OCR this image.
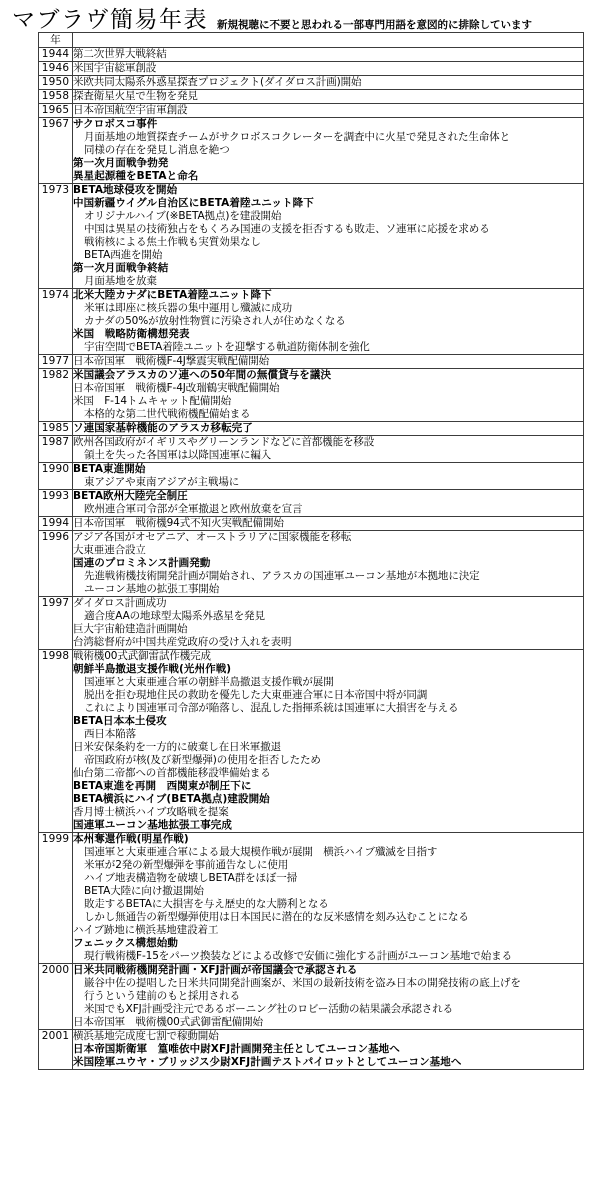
マブラヴ簡易年表 新規視聴に不要と思われる一部専門用語を意図的に排除しています
年	
1944	第二次世界大戦終結

1946	米国宇宙総軍創設

1950	米欧共同太陽系外惑星探査プロジェクト(ダイダロス計画)開始

1958	探査衛星火星で生物を発見

1965	日本帝国航空宇宙軍創設

1967	サクロボスコ事件
月面基地の地質探査チームがサクロボスコクレーターを調査中に火星で発見された生命体と
同様の存在を発見し消息を絶つ
第一次月面戦争勃発
異星起源種をBETAと命名

1973	BETA地球侵攻を開始
中国新疆ウイグル自治区にBETA着陸ユニット降下
オリジナルハイブ(※BETA拠点)を建設開始
中国は異星の技術独占をもくろみ国連の支援を拒否するも敗走、ソ連軍に応援を求める
戦術核による焦土作戦も実質効果なし
BETA西進を開始
第一次月面戦争終結
月面基地を放棄

1974	北米大陸カナダにBETA着陸ユニット降下
米軍は即座に核兵器の集中運用し殲滅に成功
カナダの50%が放射性物質に汚染され人が住めなくなる
米国　戦略防衛構想発表
宇宙空間でBETA着陸ユニットを迎撃する軌道防衛体制を強化

1977	日本帝国軍　戦術機F-4J撃震実戦配備開始

1982	米国議会アラスカのソ連への50年間の無償貸与を議決
日本帝国軍　戦術機F-4J改瑞鶴実戦配備開始
米国　F-14トムキャット配備開始
本格的な第二世代戦術機配備始まる

1985	ソ連国家基幹機能のアラスカ移転完了

1987	欧州各国政府がイギリスやグリーンランドなどに首都機能を移設
領土を失った各国軍は以降国連軍に編入

1990	BETA東進開始
東アジアや東南アジアが主戦場に

1993	BETA欧州大陸完全制圧
欧州連合軍司令部が全軍撤退と欧州放棄を宣言

1994	日本帝国軍　戦術機94式不知火実戦配備開始

1996	アジア各国がオセアニア、オーストラリアに国家機能を移転
大東亜連合設立
国連のプロミネンス計画発動
先進戦術機技術開発計画が開始され、アラスカの国連軍ユーコン基地が本拠地に決定
ユーコン基地の拡張工事開始

1997	ダイダロス計画成功
適合度AAの地球型太陽系外惑星を発見
巨大宇宙船建造計画開始
台湾総督府が中国共産党政府の受け入れを表明

1998	戦術機00式武御雷試作機完成
朝鮮半島撤退支援作戦(光州作戦)
国連軍と大東亜連合軍の朝鮮半島撤退支援作戦が展開
脱出を拒む現地住民の救助を優先した大東亜連合軍に日本帝国中将が同調
これにより国連軍司令部が陥落し、混乱した指揮系統は国連軍に大損害を与える
BETA日本本土侵攻
西日本陥落
日米安保条約を一方的に破棄し在日米軍撤退
帝国政府が核(及び新型爆弾)の使用を拒否したため
仙台第二帝都への首都機能移設準備始まる
BETA東進を再開　西関東が制圧下に
BETA横浜にハイブ(BETA拠点)建設開始
香月博士横浜ハイブ攻略戦を提案
国連軍ユーコン基地拡張工事完成

1999	本州奪還作戦(明星作戦)
国連軍と大東亜連合軍による最大規模作戦が展開　横浜ハイブ殲滅を目指す
米軍が2発の新型爆弾を事前通告なしに使用
ハイブ地表構造物を破壊しBETA群をほぼ一掃
BETA大陸に向け撤退開始
敗走するBETAに大損害を与え歴史的な大勝利となる
しかし無通告の新型爆弾使用は日本国民に潜在的な反米感情を刻み込むことになる
ハイブ跡地に横浜基地建設着工
フェニックス構想始動
現行戦術機F-15をパーツ換装などによる改修で安価に強化する計画がユーコン基地で始まる

2000	日米共同戦術機開発計画・XFJ計画が帝国議会で承認される
巌谷中佐の提唱した日米共同開発計画案が、米国の最新技術を盗み日本の開発技術の底上げを
行うという建前のもと採用される
米国でもXFJ計画受注元であるボーニング社のロビー活動の結果議会承認される
日本帝国軍　戦術機00式武御雷配備開始

2001	横浜基地完成度七割で稼動開始
日本帝国斯衛軍　篁唯依中尉XFJ計画開発主任としてユーコン基地へ
米国陸軍ユウヤ・ブリッジス少尉XFJ計画テストパイロットとしてユーコン基地へ
